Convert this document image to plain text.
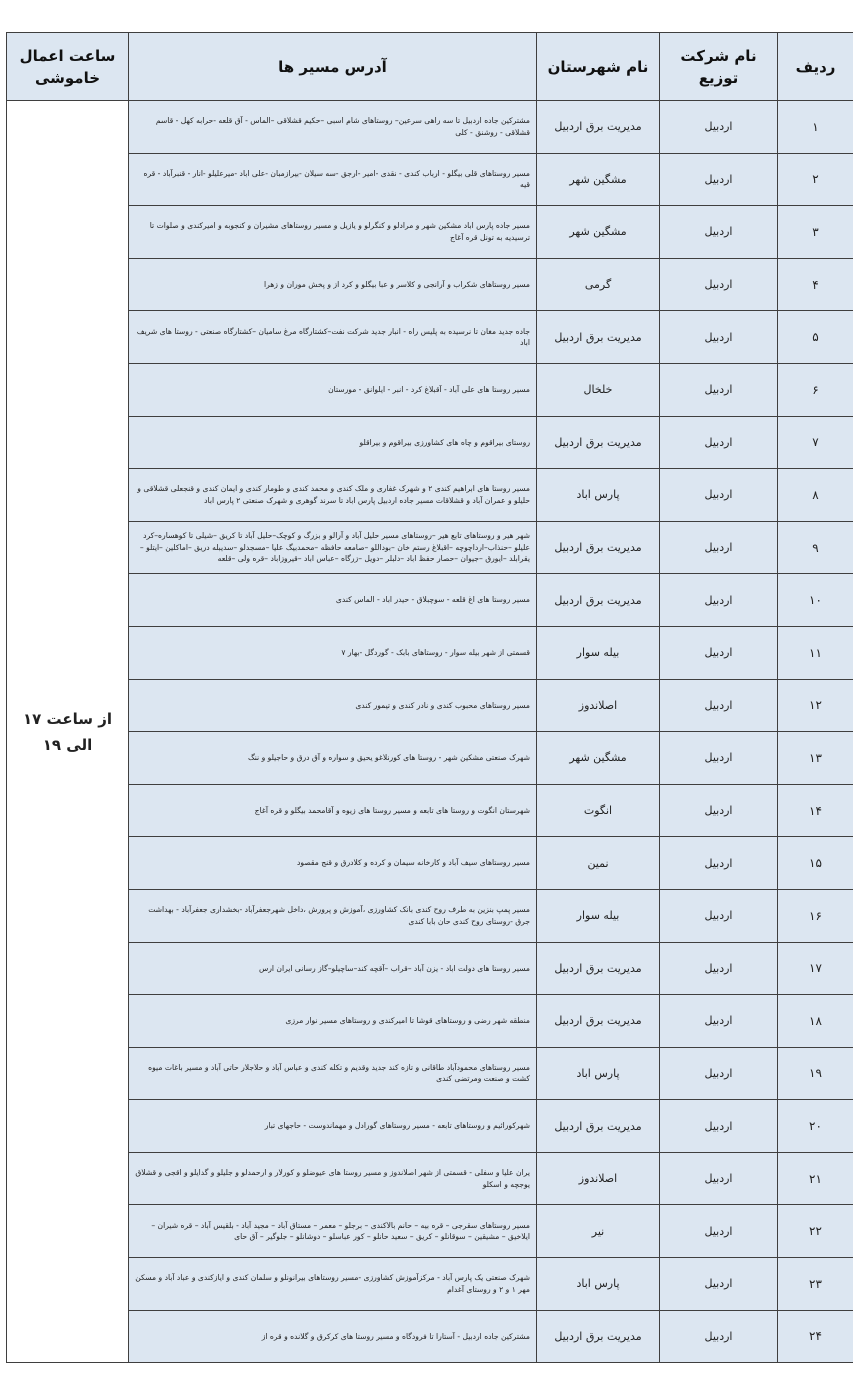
ردیف	نام شرکت توزیع	نام شهرستان	آدرس مسیر ها	ساعت اعمال خاموشی
۱	اردبیل	مدیریت برق اردبیل	مشترکین جاده اردبیل تا سه راهی سرعین– روستاهای شام اسبی –حکیم قشلاقی –الماس - آق قلعه -حرابه کهل - قاسم قشلاقی - روشنق - کلی	از ساعت ۱۷ الی ۱۹
۲	اردبیل	مشگین شهر	مسیر روستاهای قلی بیگلو - ارباب کندی - نقدی -امیر -ارجق -سه سیلان -بیرازمبان -علی اباد -میرعلیلو -انار - قنبرآباد - قره قیه	
۳	اردبیل	مشگین شهر	مسیر جاده پارس اباد مشکین شهر و مرادلو و کنگرلو و یازیل و مسیر روستاهای مشیران و کنجوبه و امیرکندی و صلوات تا ترسیدیه به تونل قره آغاج	
۴	اردبیل	گرمی	مسیر روستاهای شکراب و آرانجی و کلاسر و عبا بیگلو و کرد از و پخش موران و زهرا	
۵	اردبیل	مدیریت برق اردبیل	جاده جدید مغان تا نرسیده به پلیس راه - انبار جدید شرکت نفت–کشتارگاه مرغ سامیان –کشتارگاه صنعتی - روستا های شریف اباد	
۶	اردبیل	خلخال	مسیر روستا های علی آباد - آقبلاغ کرد - انبر - ایلوانق - مورستان	
۷	اردبیل	مدیریت برق اردبیل	روستای بیراقوم و چاه های کشاورزی بیراقوم و بیراقلو	
۸	اردبیل	پارس اباد	مسیر روستا های ابراهیم کندی ۲ و شهرک غفاری و ملک کندی و محمد کندی و طومار کندی و ایمان کندی و قنجعلی قشلاقی و حلیلو و عمران آباد و قشلاقات مسیر جاده اردبیل پارس اباد تا سرند گوهری و شهرک صنعتی ۲ پارس اباد	
۹	اردبیل	مدیریت برق اردبیل	شهر هیر و روستاهای تابع هیر –روستاهای مسیر حلیل آباد و آرالو و بزرگ و کوچک–حلیل آباد تا کریق –شیلی تا کوهساره–کرد علیلو –حنذاب–ارداچوچه –اقبلاغ رستم خان –بوداللو –صامعه حافظه –محمدبیگ علیا –مسجدلو –سدیبله دریق –اماکلین –ایتلو –یقرابلد –ایورق –جیوان –حصار حفظ اباد –دلبلر –دویل –زرگاه –عباس اباد –قیروزاباد –قره ولی –قلعه	
۱۰	اردبیل	مدیریت برق اردبیل	مسیر روستا های اغ قلعه - سوچبلاق - حیدر اباد - الماس کندی	
۱۱	اردبیل	بیله سوار	قسمتی از شهر بیله سوار - روستاهای بابک - گوردگل -بهار ۷	
۱۲	اردبیل	اصلاندوز	مسیر روستاهای محبوب کندی و نادر کندی و تیمور کندی	
۱۳	اردبیل	مشگین شهر	شهرک صنعتی مشکین شهر - روستا های کورنلاغو یحیق و سواره و آق درق و حاجیلو و ننگ	
۱۴	اردبیل	انگوت	شهرستان انگوت و روستا های تابعه و مسیر روستا های زیوه و آقامحمد بیگلو و قره آغاج	
۱۵	اردبیل	نمین	مسیر روستاهای سیف آباد و کارخانه سیمان و کرده و کلادرق و قنج مقصود	
۱۶	اردبیل	بیله سوار	مسیر پمپ بنزین به طرف روح کندی بانک کشاورزی ،آموزش و پرورش ،داخل شهرجعفرآباد -بخشداری جعفرآباد - بهداشت جرق -روستای روح کندی حان بابا کندی	
۱۷	اردبیل	مدیریت برق اردبیل	مسیر روستا های دولت اباد - یزن آباد –قراب –آقچه کند–ساچیلو–گاز رسانی ایران ارس	
۱۸	اردبیل	مدیریت برق اردبیل	منطقه شهر رضی و روستاهای قوشا تا امیرکندی و روستاهای مسیر نوار مرزی	
۱۹	اردبیل	پارس اباد	مسیر روستاهای محمودآباد طاقانی و تازه کند جدید وقدیم و تکله کندی و عباس آباد و حلاجلار حاتی آباد و مسیر باغات میوه کشت و صنعت ومرتضی کندی	
۲۰	اردبیل	مدیریت برق اردبیل	شهرکورائیم و روستاهای تابعه - مسیر روستاهای گورادل و مهماندوست - حاجهای تبار	
۲۱	اردبیل	اصلاندوز	یران علیا و سفلی - قسمتی از شهر اصلاندوز و مسیر روستا های عیوضلو و کورلار و ارحمدلو و جلیلو و گدایلو و اقجی و قشلاق یوجچه و اسکلو	
۲۲	اردبیل	نیر	مسیر روستاهای سقرجی – قره بیه – حانم بالاکندی – برجلو – معمر – مستاق آباد – مجید آباد - بلقیس آباد – قره شیران – ایلاخیق – مشیقین – سوقانلو – کریق – سعید حانلو – کور عباسلو – دوشانلو – جلوگیر – آق حای	
۲۳	اردبیل	پارس اباد	شهرک صنعتی یک پارس آباد - مرکزآموزش کشاورزی -مسیر روستاهای بیرانونلو و سلمان کندی و ایازکندی و عباد آباد و مسکن مهر ۱ و ۲ و روستای آغدام	
۲۴	اردبیل	مدیریت برق اردبیل	مشترکین جاده اردبیل - آستارا تا فرودگاه و مسیر روستا های کرکرق و گلانده و قره از	
